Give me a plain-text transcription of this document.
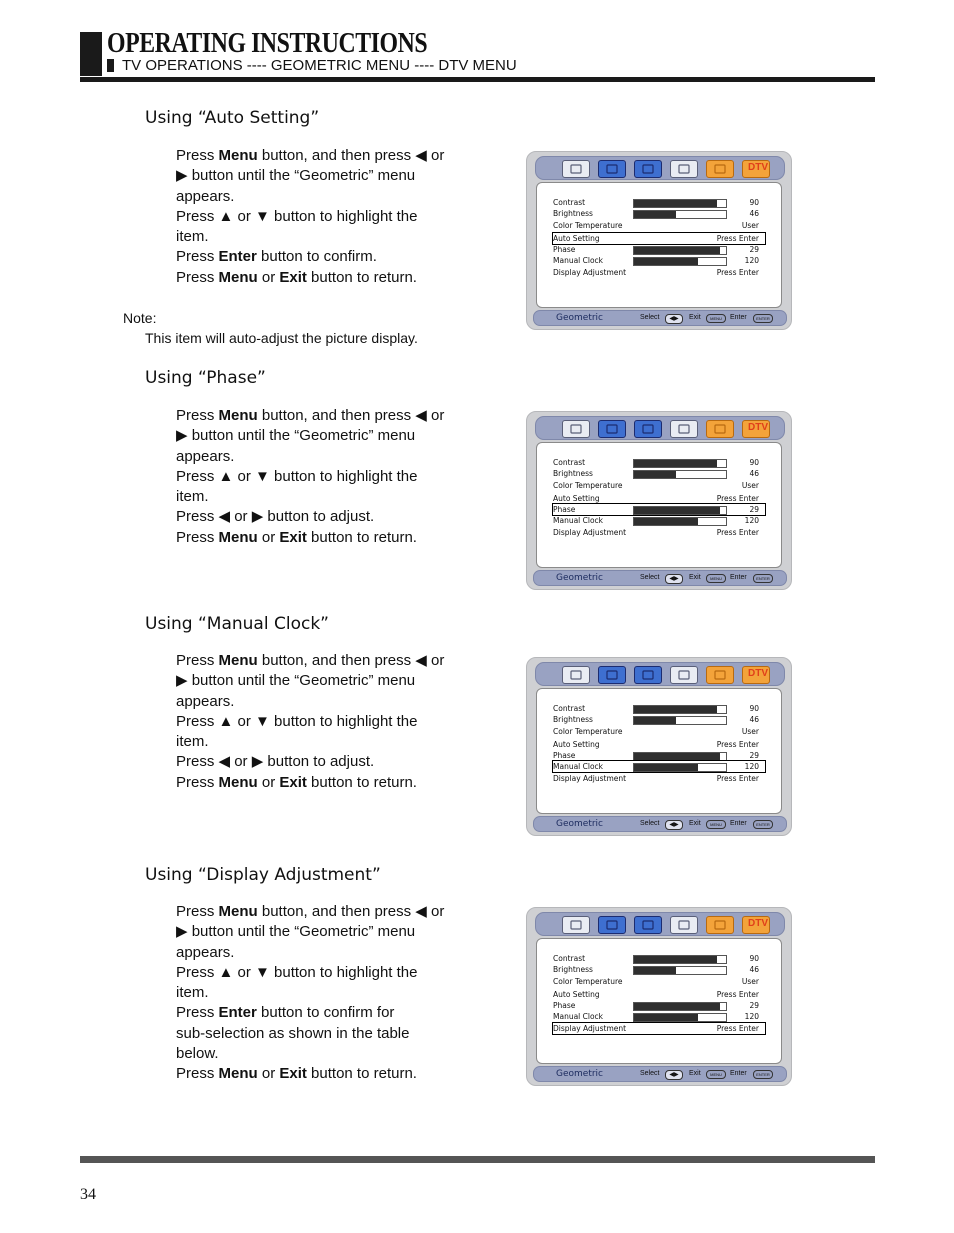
OPERATING INSTRUCTIONS
TV OPERATIONS ---- GEOMETRIC MENU ---- DTV MENU
Using “Auto Setting”

Press Menu button, and then press ◀ or

▶ button until the “Geometric” menu

appears.

Press ▲ or ▼ button to highlight the

item.

Press Enter button to confirm.

Press Menu or Exit button to return.

Note:
This item will auto-adjust the picture display.
DTV
Contrast	90
Brightness	46
Color Temperature	User
Auto Setting	Press Enter
Phase	29
Manual Clock	120
Display Adjustment	Press Enter
Geometric	Select	◀▶	Exit	MENU	Enter	ENTER
Using “Phase”

Press Menu button, and then press ◀ or

▶ button until the “Geometric” menu

appears.

Press ▲ or ▼ button to highlight the

item.

Press ◀ or ▶ button to adjust.

Press Menu or Exit button to return.

DTV
Contrast	90
Brightness	46
Color Temperature	User
Auto Setting	Press Enter
Phase	29
Manual Clock	120
Display Adjustment	Press Enter
Geometric	Select	◀▶	Exit	MENU	Enter	ENTER
Using “Manual Clock”

Press Menu button, and then press ◀ or

▶ button until the “Geometric” menu

appears.

Press ▲ or ▼ button to highlight the

item.

Press ◀ or ▶ button to adjust.

Press Menu or Exit button to return.

DTV
Contrast	90
Brightness	46
Color Temperature	User
Auto Setting	Press Enter
Phase	29
Manual Clock	120
Display Adjustment	Press Enter
Geometric	Select	◀▶	Exit	MENU	Enter	ENTER
Using “Display Adjustment”

Press Menu button, and then press ◀ or

▶ button until the “Geometric” menu

appears.

Press ▲ or ▼ button to highlight the

item.

Press Enter button to confirm for

sub-selection as shown in the table

below.

Press Menu or Exit button to return.

DTV
Contrast	90
Brightness	46
Color Temperature	User
Auto Setting	Press Enter
Phase	29
Manual Clock	120
Display Adjustment	Press Enter
Geometric	Select	◀▶	Exit	MENU	Enter	ENTER
34
